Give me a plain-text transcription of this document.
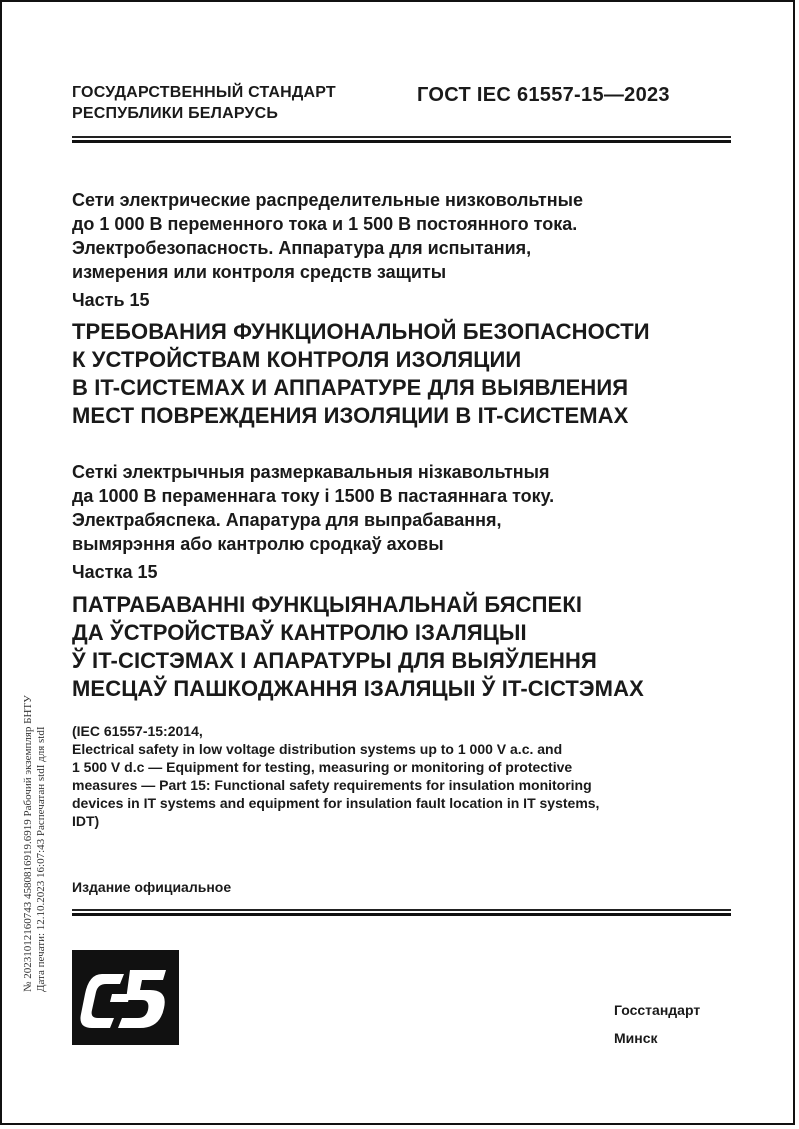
ГОСУДАРСТВЕННЫЙ СТАНДАРТ
РЕСПУБЛИКИ БЕЛАРУСЬ
ГОСТ IEC 61557-15—2023
Сети электрические распределительные низковольтные
до 1 000 В переменного тока и 1 500 В постоянного тока.
Электробезопасность. Аппаратура для испытания,
измерения или контроля средств защиты
Часть 15
ТРЕБОВАНИЯ ФУНКЦИОНАЛЬНОЙ БЕЗОПАСНОСТИ
К УСТРОЙСТВАМ КОНТРОЛЯ ИЗОЛЯЦИИ
В IT-СИСТЕМАХ И АППАРАТУРЕ ДЛЯ ВЫЯВЛЕНИЯ
МЕСТ ПОВРЕЖДЕНИЯ ИЗОЛЯЦИИ В IT-СИСТЕМАХ
Сеткі электрычныя размеркавальныя нізкавольтныя
да 1000 В пераменнага току і 1500 В пастаяннага току.
Электрабяспека. Апаратура для выпрабавання,
вымярэння або кантролю сродкаў аховы
Частка 15
ПАТРАБАВАННІ ФУНКЦЫЯНАЛЬНАЙ БЯСПЕКІ
ДА ЎСТРОЙСТВАЎ КАНТРОЛЮ ІЗАЛЯЦЫІ
Ў IT-СІСТЭМАХ І АПАРАТУРЫ ДЛЯ ВЫЯЎЛЕННЯ
МЕСЦАЎ ПАШКОДЖАННЯ ІЗАЛЯЦЫІ Ў IT-СІСТЭМАХ
(IEC 61557-15:2014,
Electrical safety in low voltage distribution systems up to 1 000 V a.c. and
1 500 V d.c — Equipment for testing, measuring or monitoring of protective
measures — Part 15: Functional safety requirements for insulation monitoring
devices in IT systems and equipment for insulation fault location in IT systems,
IDT)
Издание официальное
Госстандарт
Минск
№ 2023101216074З 4580816919.6919 Рабочий экземпляр БНТУ Дата печати: 12.10.2023 16:07:43 Распечатан stdI для stdI
